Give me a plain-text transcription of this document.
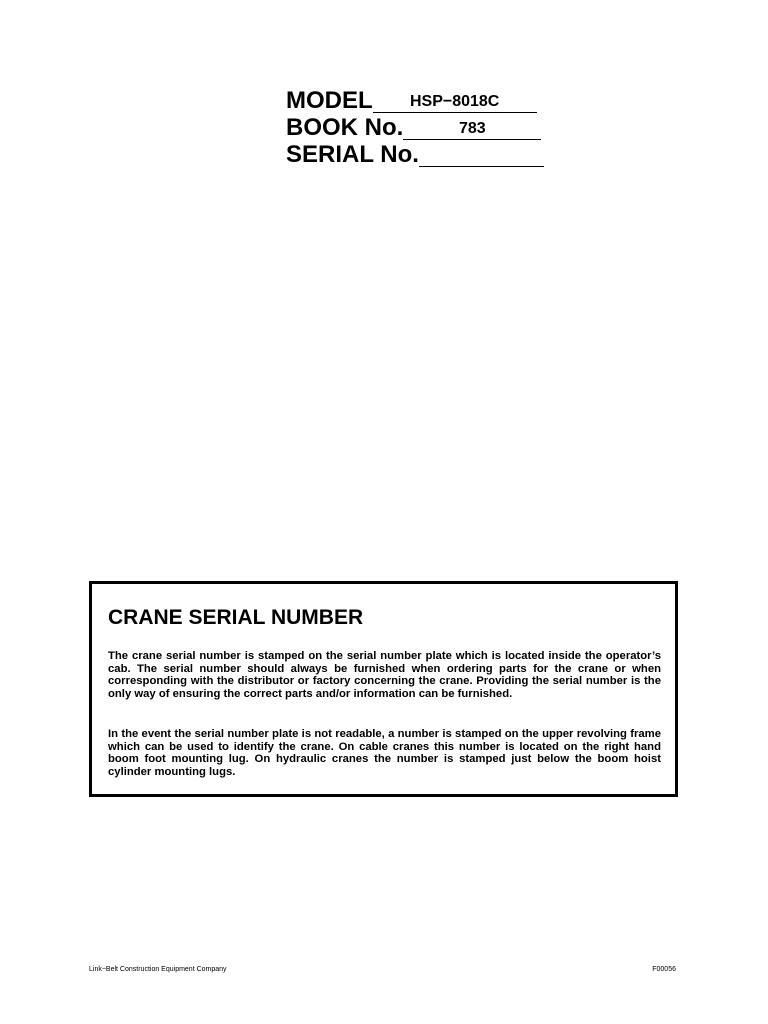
MODEL HSP−8018C
BOOK No.	783
SERIAL No.
CRANE SERIAL NUMBER

The crane serial number is stamped on the serial number plate which is located inside the operator’s cab. The serial number should always be furnished when ordering parts for the crane or when corresponding with the distributor or factory concerning the crane. Providing the serial number is the only way of ensuring the correct parts and/or information can be furnished.

In the event the serial number plate is not readable, a number is stamped on the upper revolving frame which can be used to identify the crane. On cable cranes this number is located on the right hand boom foot mounting lug. On hydraulic cranes the number is stamped just below the boom hoist cylinder mounting lugs.

Link−Belt Construction Equipment Company	F00056
